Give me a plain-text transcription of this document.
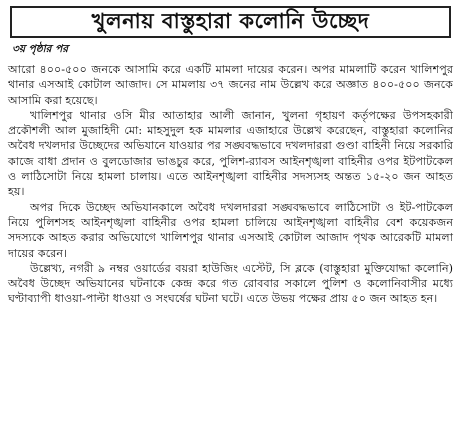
খুলনায় বাস্তুহারা কলোনি উচ্ছেদ
৩য় পৃষ্ঠার পর

আরো ৪০০-৫০০ জনকে আসামি করে একটি মামলা দায়ের করেন। অপর মামলাটি করেন খালিশপুর থানার এসআই কোটাল আজাদ। সে মামলায় ৩৭ জনের নাম উল্লেখ করে অজ্ঞাত ৪০০-৫০০ জনকে আসামি করা হয়েছে।

খালিশপুর থানার ওসি মীর আতাহার আলী জানান, খুলনা গৃহায়ণ কর্তৃপক্ষের উপসহকারী প্রকৌশলী আল মুজাহিদী মো: মাহসুদুল হক মামলার এজাহারে উল্লেখ করেছেন, বাস্তুহারা কলোনির অবৈধ দখলদার উচ্ছেদের অভিযানে যাওয়ার পর সঙ্ঘবদ্ধভাবে দখলদাররা গুণ্ডা বাহিনী নিয়ে সরকারি কাজে বাধা প্রদান ও বুলডোজার ভাঙচুর করে, পুলিশ-র‌্যাবস আইনশৃঙ্খলা বাহিনীর ওপর ইটপাটকেল ও লাঠিসোটা নিয়ে হামলা চালায়। এতে আইনশৃঙ্খলা বাহিনীর সদস্যসহ অন্তত ১৫-২০ জন আহত হয়।

অপর দিকে উচ্ছেদ অভিযানকালে অবৈধ দখলদাররা সঙ্ঘবদ্ধভাবে লাঠিসোটা ও ইট-পাটকেল নিয়ে পুলিশসহ আইনশৃঙ্খলা বাহিনীর ওপর হামলা চালিয়ে আইনশৃঙ্খলা বাহিনীর বেশ কয়েকজন সদস্যকে আহত করার অভিযোগে খালিশপুর থানার এসআই কোটাল আজাদ পৃথক আরেকটি মামলা দায়ের করেন।

উল্লেখ্য, নগরী ৯ নম্বর ওয়ার্ডের বয়রা হাউজিং এস্টেট, সি ব্লকে (বাস্তুহারা মুক্তিযোদ্ধা কলোনি) অবৈধ উচ্ছেদ অভিযানের ঘটনাকে কেন্দ্র করে গত রোববার সকালে পুলিশ ও কলোনিবাসীর মধ্যে ঘণ্টাব্যাপী ধাওয়া-পাল্টা ধাওয়া ও সংঘর্ষের ঘটনা ঘটে। এতে উভয় পক্ষের প্রায় ৫০ জন আহত হন।
